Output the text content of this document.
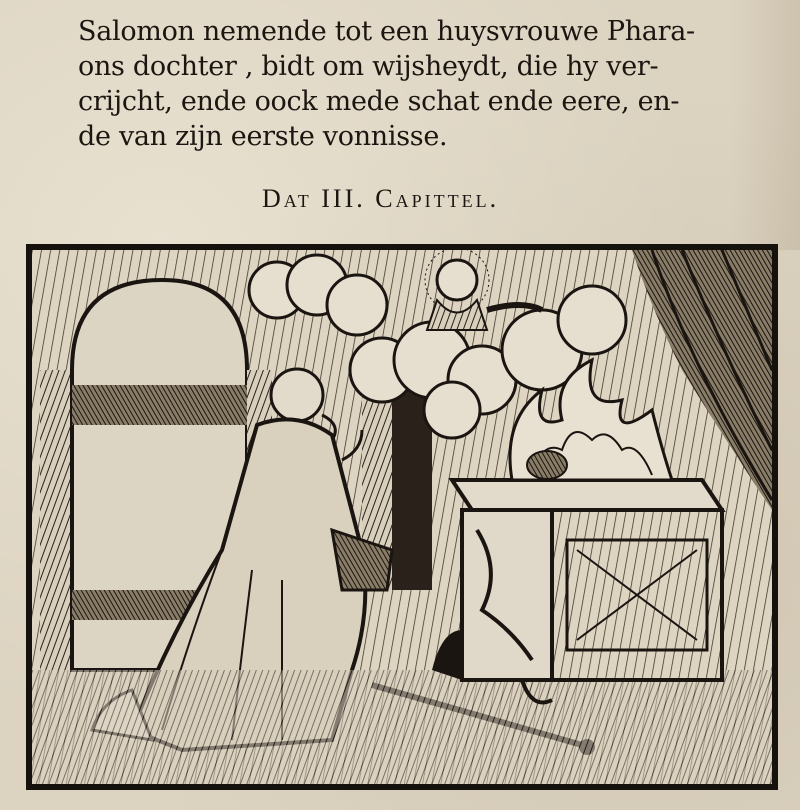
Salomon nemende tot een huysvrouwe Phara-
ons dochter , bidt om wijsheydt, die hy ver-
crijcht, ende oock mede schat ende eere, en-
de van zijn eerste vonnisse.
Dat III. Capittel.
